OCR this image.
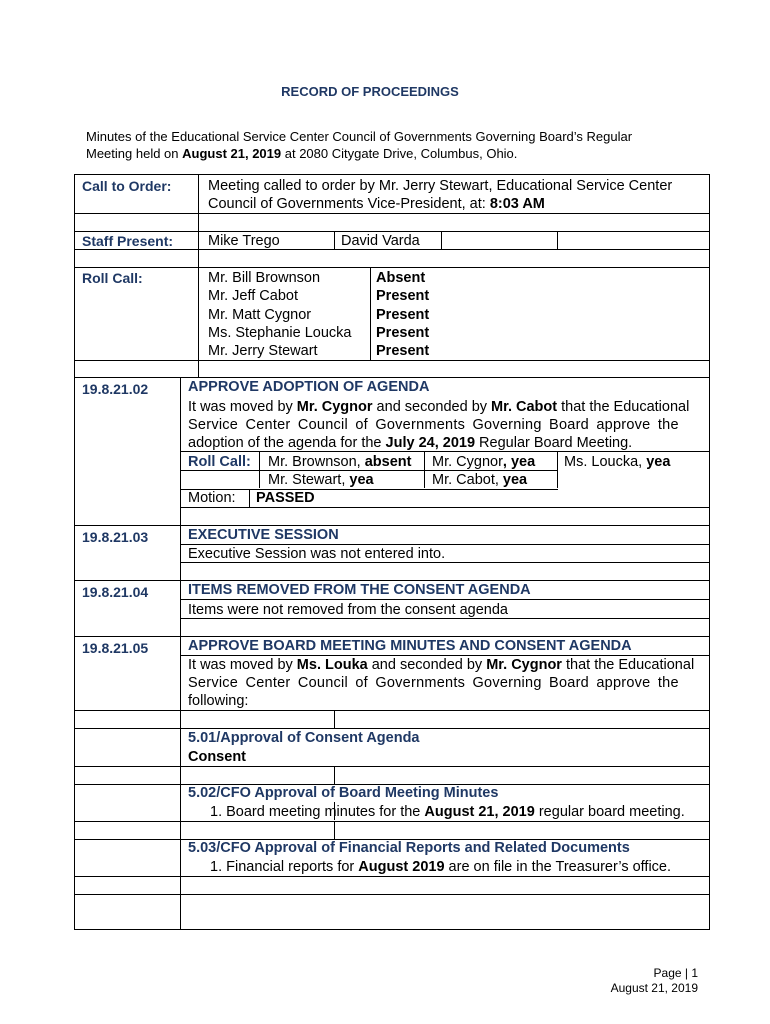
RECORD OF PROCEEDINGS
Minutes of the Educational Service Center Council of Governments Governing Board’s Regular
Meeting held on August 21, 2019 at 2080 Citygate Drive, Columbus, Ohio.
Call to Order:	Meeting called to order by Mr. Jerry Stewart, Educational Service Center
Council of Governments Vice-President, at: 8:03 AM
Staff Present: Mike Trego	David Varda
Roll Call:	Mr. Bill Brownson	Absent
Mr. Jeff Cabot	Present
Mr. Matt Cygnor	Present
Ms. Stephanie Loucka Present
Mr. Jerry Stewart	Present
19.8.21.02	APPROVE ADOPTION OF AGENDA
It was moved by Mr. Cygnor and seconded by Mr. Cabot that the Educational
Service Center Council of Governments Governing Board approve the
adoption of the agenda for the July 24, 2019 Regular Board Meeting.
Roll Call: Mr. Brownson, absent Mr. Cygnor, yea Ms. Loucka, yea
Mr. Stewart, yea	Mr. Cabot, yea
Motion: PASSED
19.8.21.03	EXECUTIVE SESSION
Executive Session was not entered into.
19.8.21.04	ITEMS REMOVED FROM THE CONSENT AGENDA
Items were not removed from the consent agenda
19.8.21.05	APPROVE BOARD MEETING MINUTES AND CONSENT AGENDA
It was moved by Ms. Louka and seconded by Mr. Cygnor that the Educational
Service Center Council of Governments Governing Board approve the
following:
5.01/Approval of Consent Agenda
Consent
5.02/CFO Approval of Board Meeting Minutes
1. Board meeting minutes for the August 21, 2019 regular board meeting.
5.03/CFO Approval of Financial Reports and Related Documents
1. Financial reports for August 2019 are on file in the Treasurer’s office.
Page | 1
August 21, 2019
